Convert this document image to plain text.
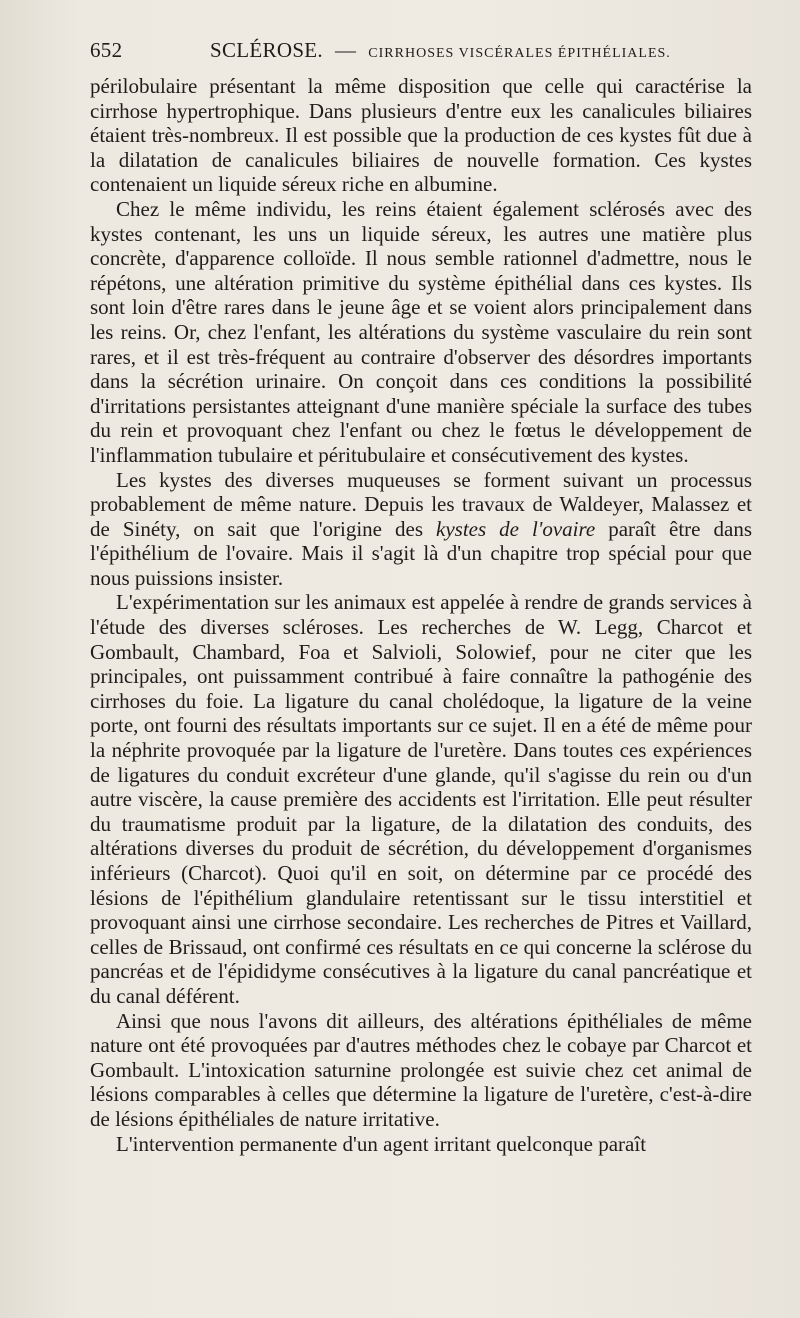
652	SCLÉROSE. — CIRRHOSES VISCÉRALES ÉPITHÉLIALES.

périlobulaire présentant la même disposition que celle qui caractérise la cirrhose hypertrophique. Dans plusieurs d'entre eux les canalicules biliaires étaient très-nombreux. Il est possible que la production de ces kystes fût due à la dilatation de canalicules biliaires de nouvelle formation. Ces kystes contenaient un liquide séreux riche en albumine.

Chez le même individu, les reins étaient également sclérosés avec des kystes contenant, les uns un liquide séreux, les autres une matière plus concrète, d'apparence colloïde. Il nous semble rationnel d'admettre, nous le répétons, une altération primitive du système épithélial dans ces kystes. Ils sont loin d'être rares dans le jeune âge et se voient alors principalement dans les reins. Or, chez l'enfant, les altérations du système vasculaire du rein sont rares, et il est très-fréquent au contraire d'observer des désordres importants dans la sécrétion urinaire. On conçoit dans ces conditions la possibilité d'irritations persistantes atteignant d'une manière spéciale la surface des tubes du rein et provoquant chez l'enfant ou chez le fœtus le développement de l'inflammation tubulaire et péritubulaire et consécutivement des kystes.

Les kystes des diverses muqueuses se forment suivant un processus probablement de même nature. Depuis les travaux de Waldeyer, Malassez et de Sinéty, on sait que l'origine des kystes de l'ovaire paraît être dans l'épithélium de l'ovaire. Mais il s'agit là d'un chapitre trop spécial pour que nous puissions insister.

L'expérimentation sur les animaux est appelée à rendre de grands services à l'étude des diverses scléroses. Les recherches de W. Legg, Charcot et Gombault, Chambard, Foa et Salvioli, Solowief, pour ne citer que les principales, ont puissamment contribué à faire connaître la pathogénie des cirrhoses du foie. La ligature du canal cholédoque, la ligature de la veine porte, ont fourni des résultats importants sur ce sujet. Il en a été de même pour la néphrite provoquée par la ligature de l'uretère. Dans toutes ces expériences de ligatures du conduit excréteur d'une glande, qu'il s'agisse du rein ou d'un autre viscère, la cause première des accidents est l'irritation. Elle peut résulter du traumatisme produit par la ligature, de la dilatation des conduits, des altérations diverses du produit de sécrétion, du développement d'organismes inférieurs (Charcot). Quoi qu'il en soit, on détermine par ce procédé des lésions de l'épithélium glandulaire retentissant sur le tissu interstitiel et provoquant ainsi une cirrhose secondaire. Les recherches de Pitres et Vaillard, celles de Brissaud, ont confirmé ces résultats en ce qui concerne la sclérose du pancréas et de l'épididyme consécutives à la ligature du canal pancréatique et du canal déférent.

Ainsi que nous l'avons dit ailleurs, des altérations épithéliales de même nature ont été provoquées par d'autres méthodes chez le cobaye par Charcot et Gombault. L'intoxication saturnine prolongée est suivie chez cet animal de lésions comparables à celles que détermine la ligature de l'uretère, c'est-à-dire de lésions épithéliales de nature irritative.

L'intervention permanente d'un agent irritant quelconque paraît
